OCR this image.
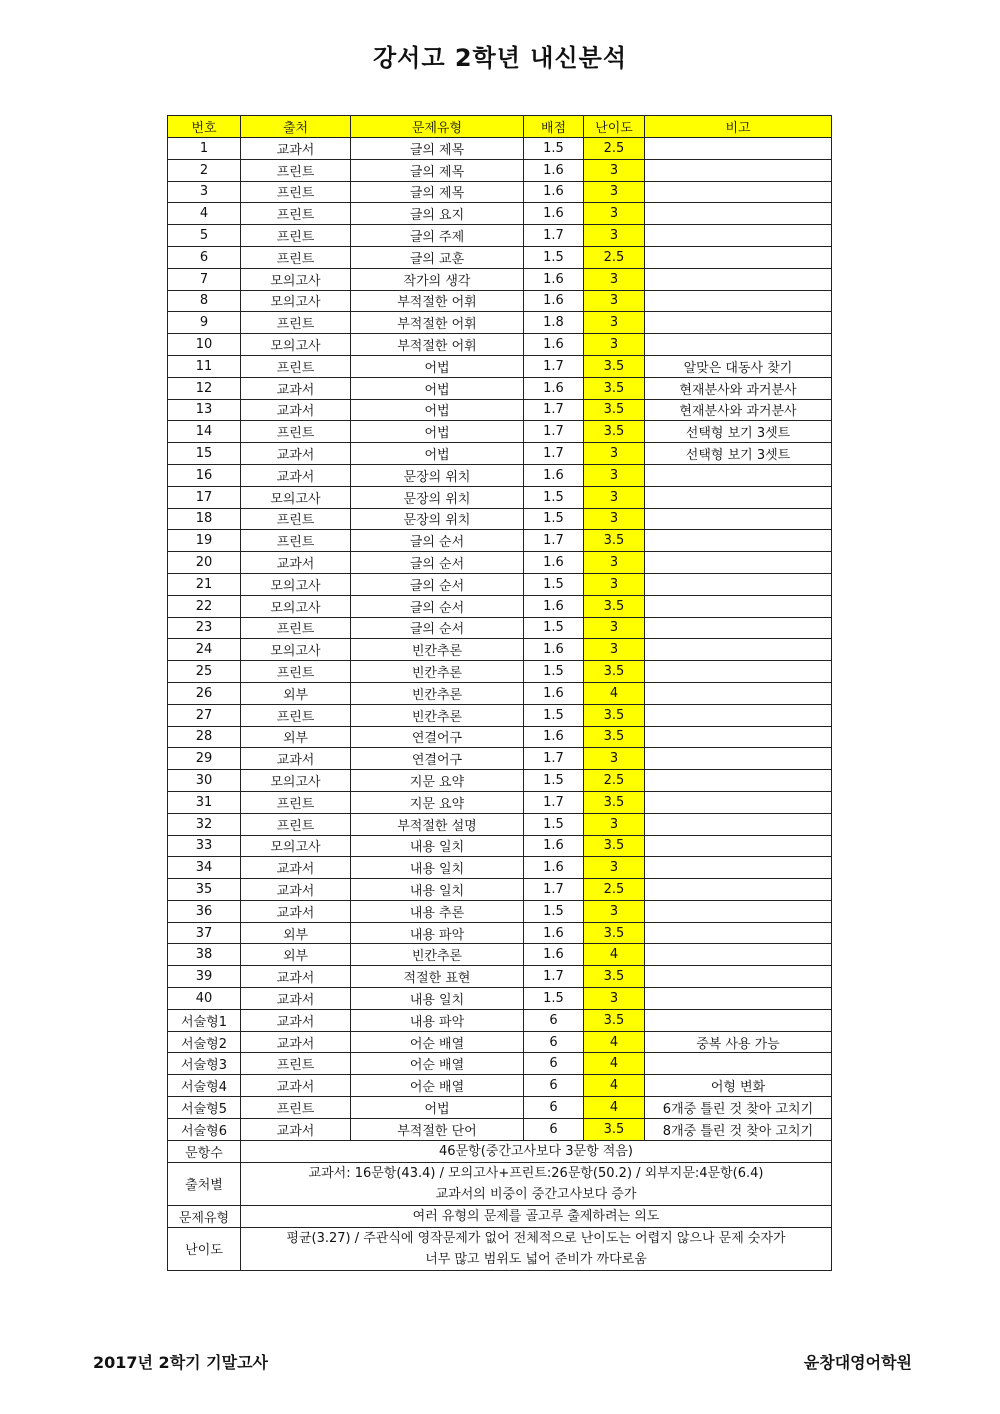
강서고 2학년 내신분석
번호	출처	문제유형	배점	난이도	비고
1	교과서	글의 제목	1.5	2.5	
2	프린트	글의 제목	1.6	3	
3	프린트	글의 제목	1.6	3	
4	프린트	글의 요지	1.6	3	
5	프린트	글의 주제	1.7	3	
6	프린트	글의 교훈	1.5	2.5	
7	모의고사	작가의 생각	1.6	3	
8	모의고사	부적절한 어휘	1.6	3	
9	프린트	부적절한 어휘	1.8	3	
10	모의고사	부적절한 어휘	1.6	3	
11	프린트	어법	1.7	3.5	알맞은 대동사 찾기
12	교과서	어법	1.6	3.5	현재분사와 과거분사
13	교과서	어법	1.7	3.5	현재분사와 과거분사
14	프린트	어법	1.7	3.5	선택형 보기 3셋트
15	교과서	어법	1.7	3	선택형 보기 3셋트
16	교과서	문장의 위치	1.6	3	
17	모의고사	문장의 위치	1.5	3	
18	프린트	문장의 위치	1.5	3	
19	프린트	글의 순서	1.7	3.5	
20	교과서	글의 순서	1.6	3	
21	모의고사	글의 순서	1.5	3	
22	모의고사	글의 순서	1.6	3.5	
23	프린트	글의 순서	1.5	3	
24	모의고사	빈칸추론	1.6	3	
25	프린트	빈칸추론	1.5	3.5	
26	외부	빈칸추론	1.6	4	
27	프린트	빈칸추론	1.5	3.5	
28	외부	연결어구	1.6	3.5	
29	교과서	연결어구	1.7	3	
30	모의고사	지문 요약	1.5	2.5	
31	프린트	지문 요약	1.7	3.5	
32	프린트	부적절한 설명	1.5	3	
33	모의고사	내용 일치	1.6	3.5	
34	교과서	내용 일치	1.6	3	
35	교과서	내용 일치	1.7	2.5	
36	교과서	내용 추론	1.5	3	
37	외부	내용 파악	1.6	3.5	
38	외부	빈칸추론	1.6	4	
39	교과서	적절한 표현	1.7	3.5	
40	교과서	내용 일치	1.5	3	
서술형1	교과서	내용 파악	6	3.5	
서술형2	교과서	어순 배열	6	4	중복 사용 가능
서술형3	프린트	어순 배열	6	4	
서술형4	교과서	어순 배열	6	4	어형 변화
서술형5	프린트	어법	6	4	6개중 틀린 것 찾아 고치기
서술형6	교과서	부적절한 단어	6	3.5	8개중 틀린 것 찾아 고치기
문항수	46문항(중간고사보다 3문항 적음)				

출처별	교과서: 16문항(43.4) / 모의고사+프린트:26문항(50.2) / 외부지문:4문항(6.4)
교과서의 비중이 중간고사보다 증가				

문제유형	여러 유형의 문제를 골고루 출제하려는 의도				

난이도	평균(3.27) / 주관식에 영작문제가 없어 전체적으로 난이도는 어렵지 않으나 문제 숫자가
너무 많고 범위도 넓어 준비가 까다로움				
2017년 2학기 기말고사	윤창대영어학원
